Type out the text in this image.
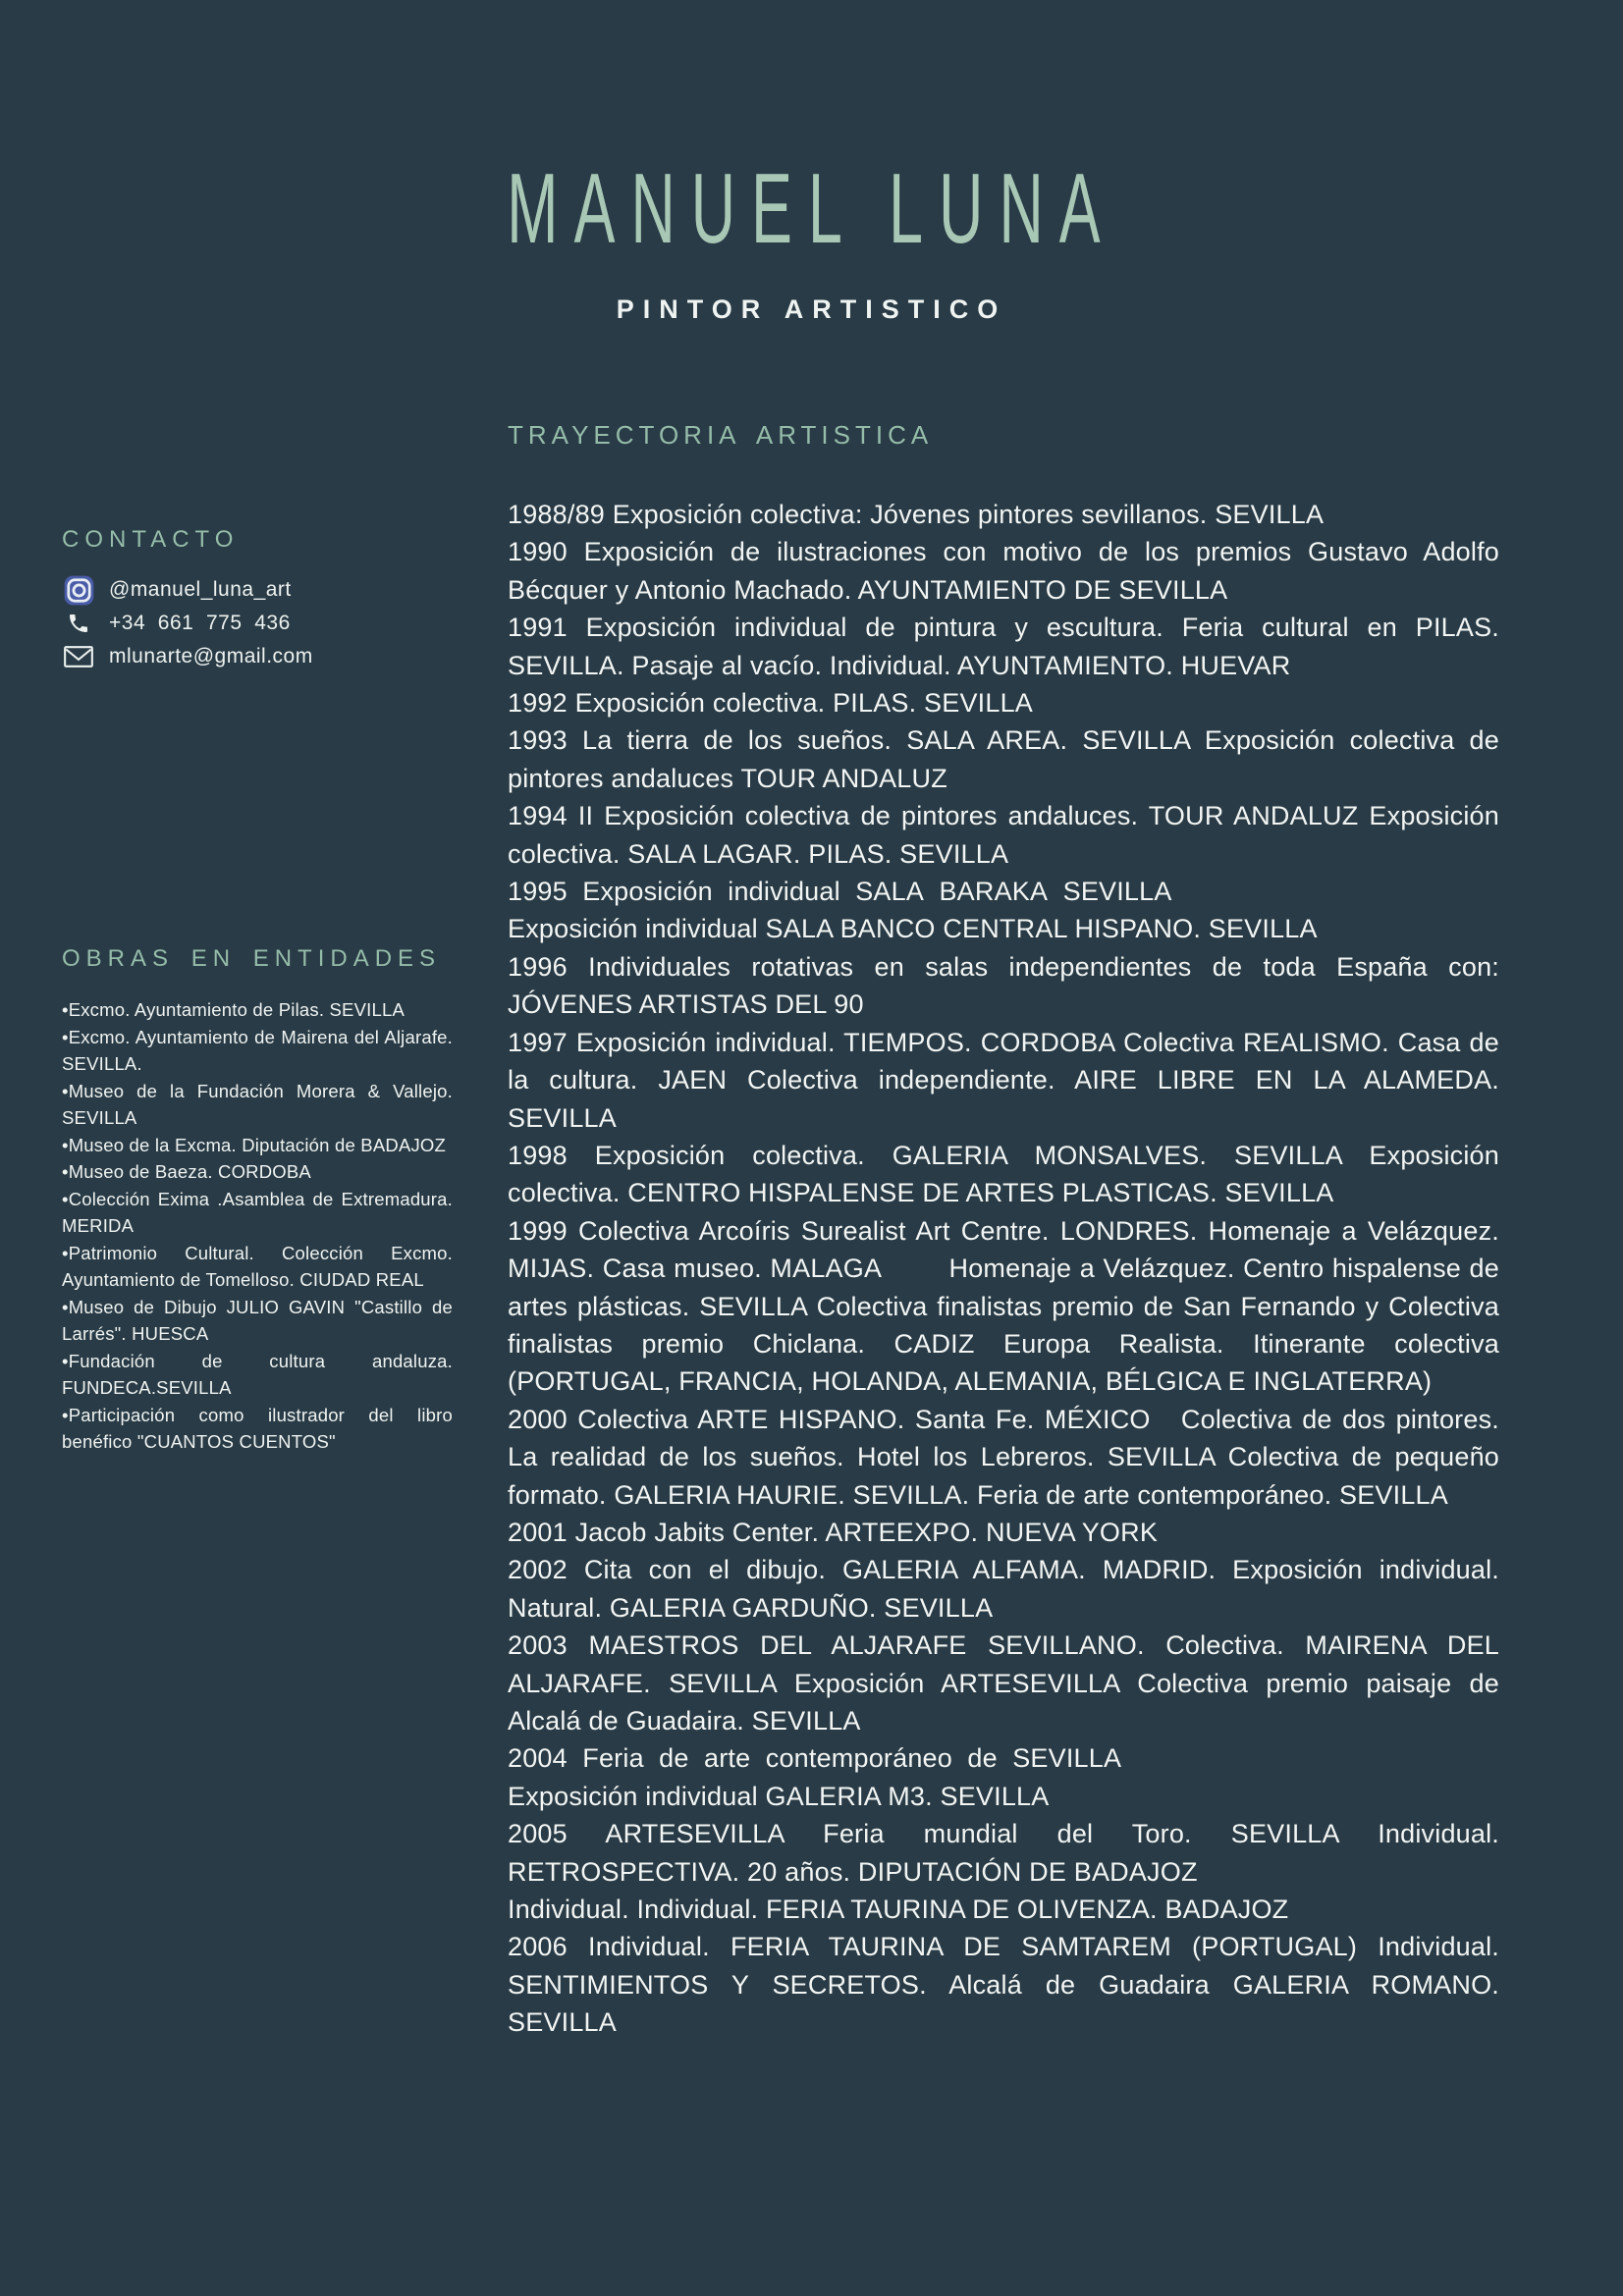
MANUEL LUNA
PINTOR ARTISTICO
CONTACTO
@manuel_luna_art
+34  661  775  436
mlunarte@gmail.com
OBRAS EN ENTIDADES
• Excmo. Ayuntamiento de Pilas. SEVILLA
• Excmo. Ayuntamiento de Mairena del Aljarafe. SEVILLA.
• Museo de la Fundación Morera & Vallejo. SEVILLA
• Museo de la Excma. Diputación de BADAJOZ
• Museo de Baeza. CORDOBA
• Colección Exima .Asamblea de Extremadura. MERIDA
• Patrimonio Cultural. Colección Excmo. Ayuntamiento de Tomelloso. CIUDAD REAL
• Museo de Dibujo JULIO GAVIN "Castillo de Larrés". HUESCA
• Fundación de cultura andaluza. FUNDECA.SEVILLA
• Participación como ilustrador del libro benéfico "CUANTOS CUENTOS"
TRAYECTORIA ARTISTICA

1988/89 Exposición colectiva: Jóvenes pintores sevillanos. SEVILLA

1990 Exposición de ilustraciones con motivo de los premios Gustavo Adolfo Bécquer y Antonio Machado. AYUNTAMIENTO DE SEVILLA

1991 Exposición individual de pintura y escultura. Feria cultural en PILAS. SEVILLA. Pasaje al vacío. Individual. AYUNTAMIENTO. HUEVAR

1992 Exposición colectiva. PILAS. SEVILLA

1993 La tierra de los sueños. SALA AREA. SEVILLA Exposición colectiva de pintores andaluces TOUR ANDALUZ

1994 II Exposición colectiva de pintores andaluces. TOUR ANDALUZ Exposición colectiva. SALA LAGAR. PILAS. SEVILLA

1995  Exposición  individual  SALA  BARAKA  SEVILLA

Exposición individual SALA BANCO CENTRAL HISPANO. SEVILLA

1996 Individuales rotativas en salas independientes de toda España con: JÓVENES ARTISTAS DEL 90

1997 Exposición individual. TIEMPOS. CORDOBA Colectiva REALISMO. Casa de la cultura. JAEN Colectiva independiente. AIRE LIBRE EN LA ALAMEDA. SEVILLA

1998 Exposición colectiva. GALERIA MONSALVES. SEVILLA Exposición colectiva. CENTRO HISPALENSE DE ARTES PLASTICAS. SEVILLA

1999 Colectiva Arcoíris Surealist Art Centre. LONDRES. Homenaje a Velázquez. MIJAS. Casa museo. MALAGA        Homenaje a Velázquez. Centro hispalense de artes plásticas. SEVILLA Colectiva finalistas premio de San Fernando y Colectiva finalistas premio Chiclana. CADIZ Europa Realista. Itinerante colectiva (PORTUGAL, FRANCIA, HOLANDA, ALEMANIA, BÉLGICA E INGLATERRA)

2000 Colectiva ARTE HISPANO. Santa Fe. MÉXICO   Colectiva de dos pintores. La realidad de los sueños. Hotel los Lebreros. SEVILLA Colectiva de pequeño formato. GALERIA HAURIE. SEVILLA. Feria de arte contemporáneo. SEVILLA

2001 Jacob Jabits Center. ARTEEXPO. NUEVA YORK

2002 Cita con el dibujo. GALERIA ALFAMA. MADRID. Exposición individual. Natural. GALERIA GARDUÑO. SEVILLA

2003 MAESTROS DEL ALJARAFE SEVILLANO. Colectiva. MAIRENA DEL ALJARAFE. SEVILLA Exposición ARTESEVILLA Colectiva premio paisaje de Alcalá de Guadaira. SEVILLA

2004  Feria  de  arte  contemporáneo  de  SEVILLA

Exposición individual GALERIA M3. SEVILLA

2005 ARTESEVILLA Feria mundial del Toro. SEVILLA Individual. RETROSPECTIVA. 20 años. DIPUTACIÓN DE BADAJOZ

Individual. Individual. FERIA TAURINA DE OLIVENZA. BADAJOZ

2006 Individual. FERIA TAURINA DE SAMTAREM (PORTUGAL) Individual. SENTIMIENTOS Y SECRETOS. Alcalá de Guadaira GALERIA ROMANO. SEVILLA
